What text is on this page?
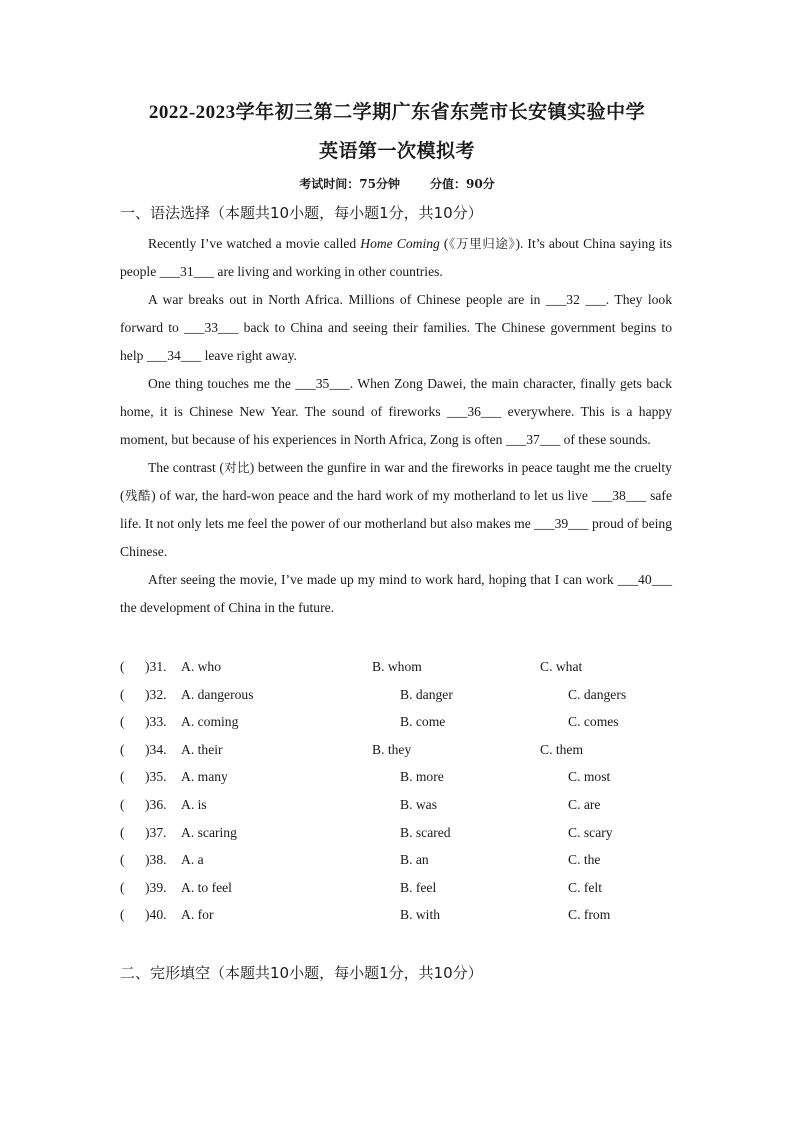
2022-2023学年初三第二学期广东省东莞市长安镇实验中学
英语第一次模拟考
考试时间：75分钟	分值：90分
一、语法选择（本题共10小题，每小题1分，共10分）

Recently I’ve watched a movie called Home Coming (《万里归途》). It’s about China saying its people ___31___ are living and working in other countries.

A war breaks out in North Africa. Millions of Chinese people are in ___32 ___. They look forward to ___33___ back to China and seeing their families. The Chinese government begins to help ___34___ leave right away.

One thing touches me the ___35___. When Zong Dawei, the main character, finally gets back home, it is Chinese New Year. The sound of fireworks ___36___ everywhere. This is a happy moment, but because of his experiences in North Africa, Zong is often ___37___ of these sounds.

The contrast (对比) between the gunfire in war and the fireworks in peace taught me the cruelty (残酷) of war, the hard-won peace and the hard work of my motherland to let us live ___38___ safe life. It not only lets me feel the power of our motherland but also makes me ___39___ proud of being Chinese.

After seeing the movie, I’ve made up my mind to work hard, hoping that I can work ___40___ the development of China in the future.

( )31. A. who	B. whom	C. what
( )32. A. dangerous	B. danger	C. dangers
( )33. A. coming	B. come	C. comes
( )34. A. their	B. they	C. them
( )35. A. many	B. more	C. most
( )36. A. is	B. was	C. are
( )37. A. scaring	B. scared	C. scary
( )38. A. a	B. an	C. the
( )39. A. to feel	B. feel	C. felt
( )40. A. for	B. with	C. from
二、完形填空（本题共10小题，每小题1分，共10分）
